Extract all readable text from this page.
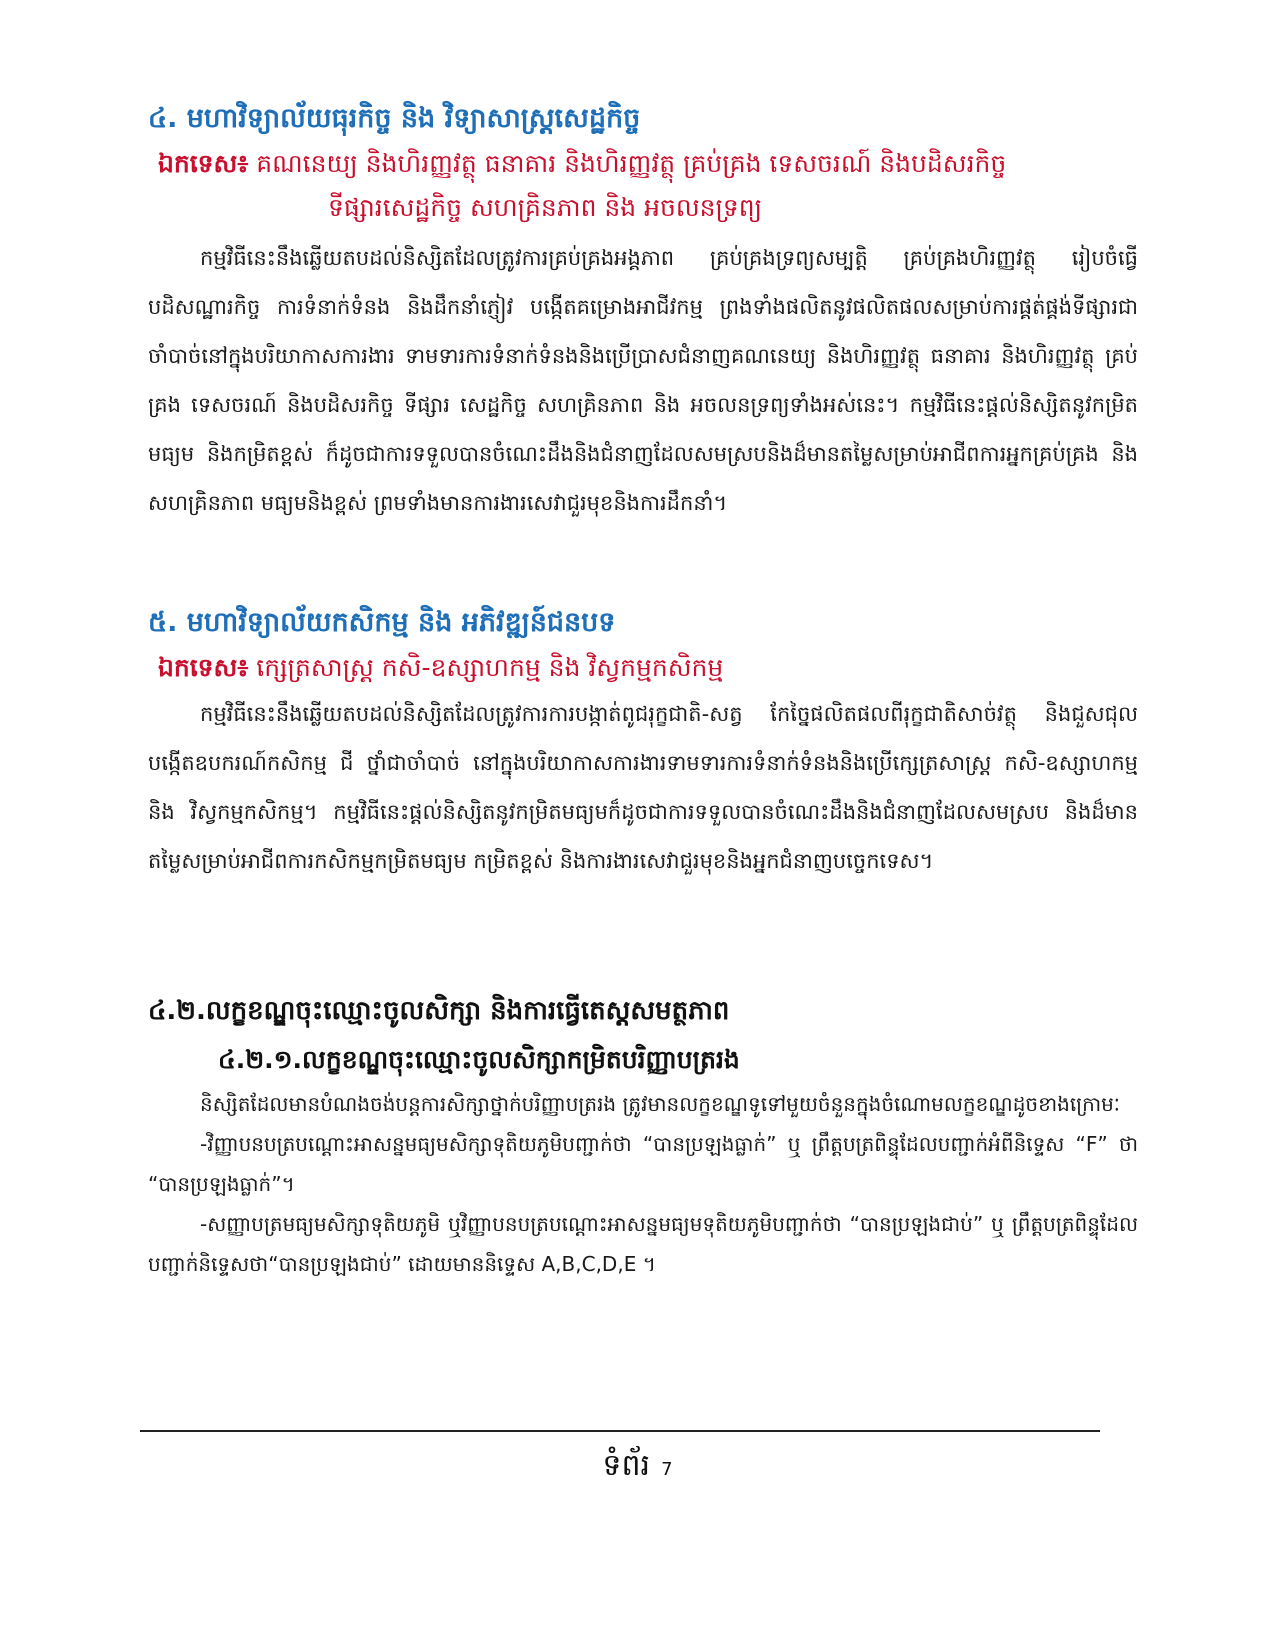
៤. មហាវិទ្យាល័យធុរកិច្ច និង វិទ្យាសាស្ត្រសេដ្ឋកិច្ច

ឯកទេស៖ គណនេយ្យ និងហិរញ្ញវត្ថុ ធនាគារ និងហិរញ្ញវត្ថុ គ្រប់គ្រង ទេសចរណ៍ និងបដិសរកិច្ច

ទីផ្សារសេដ្ឋកិច្ច សហគ្រិនភាព និង អចលនទ្រព្យ

កម្មវិធីនេះនឹងឆ្លើយតបដល់និស្សិតដែលត្រូវការគ្រប់គ្រងអង្គភាព គ្រប់គ្រងទ្រព្យសម្បត្តិ គ្រប់គ្រងហិរញ្ញវត្ថុ រៀបចំធ្វើបដិសណ្ឋារកិច្ច ការទំនាក់ទំនង និងដឹកនាំភ្ញៀវ បង្កើតគម្រោងអាជីវកម្ម ព្រងទាំងផលិតនូវផលិតផលសម្រាប់ការផ្គត់ផ្គង់ទីផ្សារជាចាំបាច់នៅក្នុងបរិយាកាសការងារ ទាមទារការទំនាក់ទំនងនិងប្រើប្រាសជំនាញគណនេយ្យ និងហិរញ្ញវត្ថុ ធនាគារ និងហិរញ្ញវត្ថុ គ្រប់គ្រង ទេសចរណ៍ និងបដិសរកិច្ច ទីផ្សារ សេដ្ឋកិច្ច សហគ្រិនភាព និង អចលនទ្រព្យទាំងអស់នេះ។ កម្មវិធីនេះផ្តល់និស្សិតនូវកម្រិតមធ្យម និងកម្រិតខ្ពស់ ក៏ដូចជាការទទួលបានចំណេះដឹងនិងជំនាញដែលសមស្របនិងដ៏មានតម្លៃសម្រាប់អាជីពការអ្នកគ្រប់គ្រង និង សហគ្រិនភាព មធ្យមនិងខ្ពស់ ព្រមទាំងមានការងារសេវាជួរមុខនិងការដឹកនាំ។

៥. មហាវិទ្យាល័យកសិកម្ម និង អភិវឌ្ឍន៍ជនបទ

ឯកទេស៖ ក្សេត្រសាស្ត្រ កសិ-ឧស្សាហកម្ម និង វិស្វកម្មកសិកម្ម

កម្មវិធីនេះនឹងឆ្លើយតបដល់និស្សិតដែលត្រូវការការបង្កាត់ពូជរុក្ខជាតិ-សត្វ កែច្នៃផលិតផលពីរុក្ខជាតិសាច់វត្ថុ និងជួសជុល បង្កើតឧបករណ៍កសិកម្ម ជី ថ្នាំជាចាំបាច់ នៅក្នុងបរិយាកាសការងារទាមទារការទំនាក់ទំនងនិងប្រើក្សេត្រសាស្ត្រ កសិ-ឧស្សាហកម្ម និង វិស្វកម្មកសិកម្ម។ កម្មវិធីនេះផ្តល់និស្សិតនូវកម្រិតមធ្យមក៏ដូចជាការទទួលបានចំណេះដឹងនិងជំនាញដែលសមស្រប និងដ៏មានតម្លៃសម្រាប់អាជីពការកសិកម្មកម្រិតមធ្យម កម្រិតខ្ពស់ និងការងារសេវាជួរមុខនិងអ្នកជំនាញបច្ចេកទេស។

៤.២.លក្ខខណ្ឌចុះឈ្មោះចូលសិក្សា និងការធ្វើតេស្តសមត្ថភាព
៤.២.១.លក្ខខណ្ឌចុះឈ្មោះចូលសិក្សាកម្រិតបរិញ្ញាបត្ររង

និស្សិតដែលមានបំណងចង់បន្តការសិក្សាថ្នាក់បរិញ្ញាបត្ររង ត្រូវមានលក្ខខណ្ឌទូទៅមួយចំនួនក្នុងចំណោមលក្ខខណ្ឌដូចខាងក្រោមៈ

-វិញ្ញាបនបត្របណ្ដោះអាសន្នមធ្យមសិក្សាទុតិយភូមិបញ្ជាក់ថា “បានប្រឡងធ្លាក់” ឬ ព្រឹត្តបត្រពិន្ទុដែលបញ្ជាក់អំពីនិទ្ទេស “F” ថា “បានប្រឡងធ្លាក់”។

-សញ្ញាបត្រមធ្យមសិក្សាទុតិយភូមិ ឬវិញ្ញាបនបត្របណ្ដោះអាសន្នមធ្យមទុតិយភូមិបញ្ជាក់ថា “បានប្រឡងជាប់” ឬ ព្រឹត្តបត្រពិន្ទុដែលបញ្ជាក់និទ្ទេសថា“បានប្រឡងជាប់” ដោយមាននិទ្ទេស A,B,C,D,E ។

ទំព័រ 7
